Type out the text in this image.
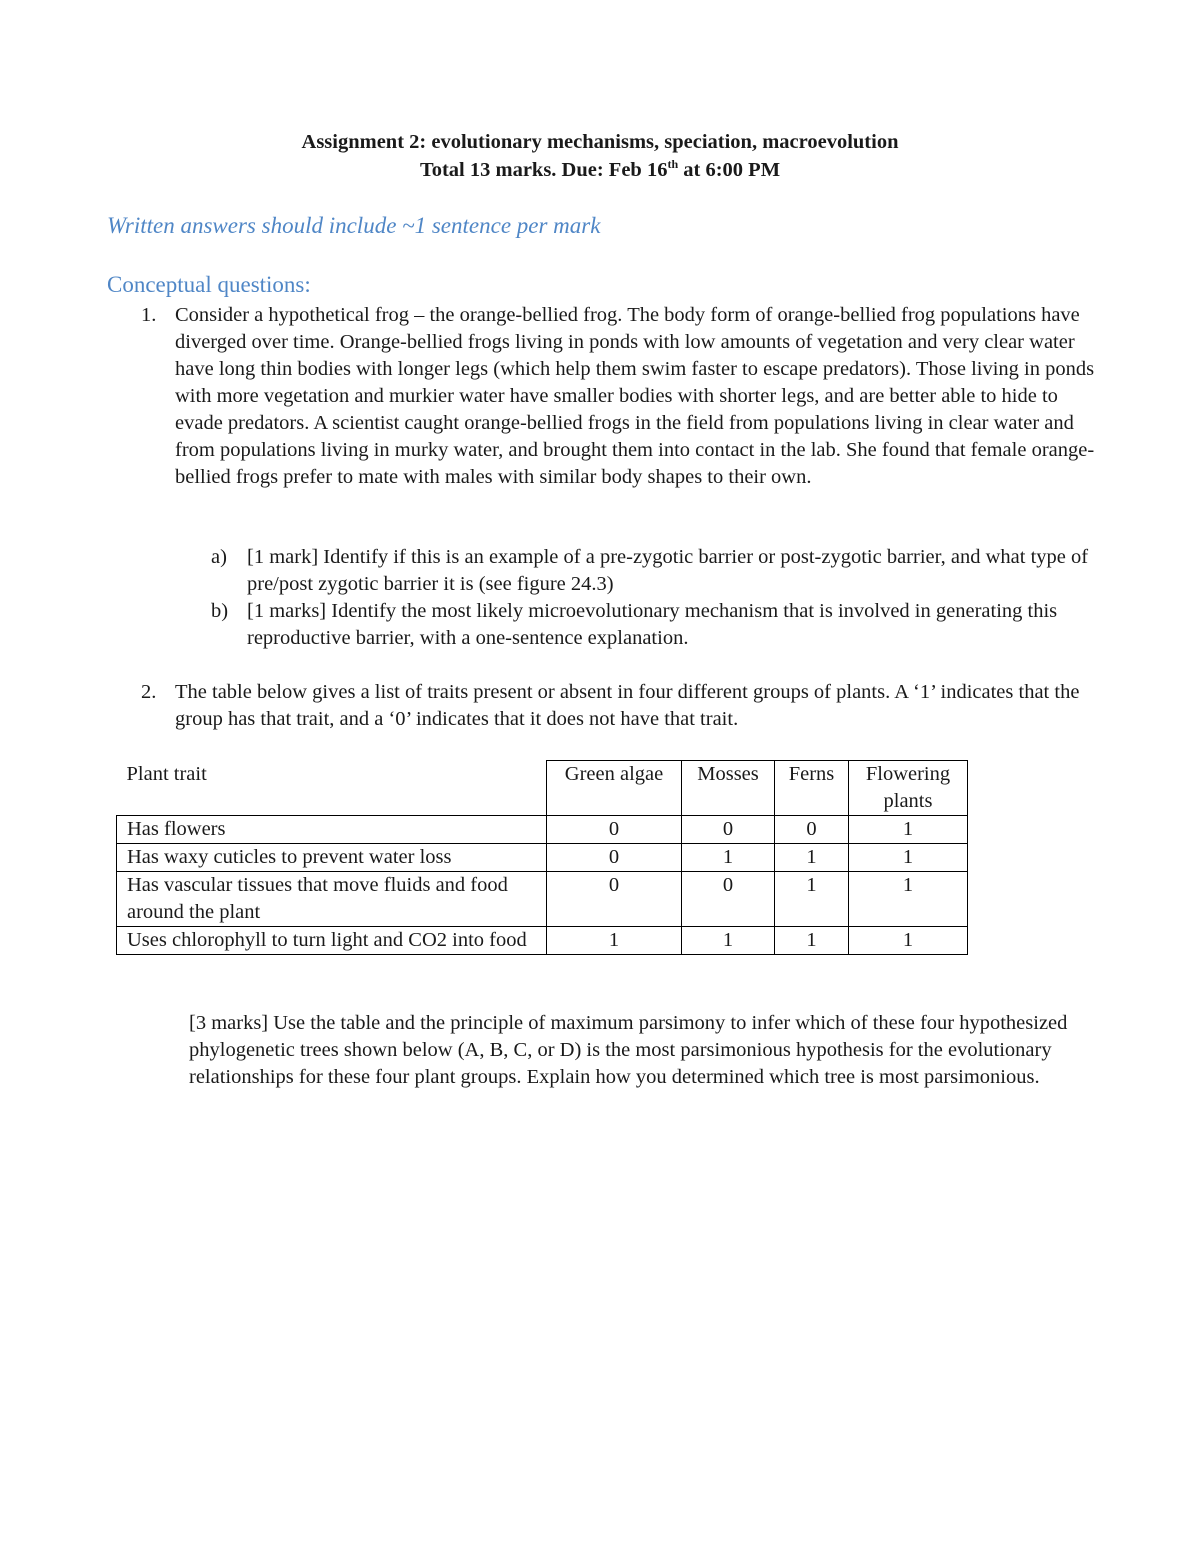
Assignment 2: evolutionary mechanisms, speciation, macroevolution
Total 13 marks. Due: Feb 16th at 6:00 PM
Written answers should include ~1 sentence per mark
Conceptual questions:
1. Consider a hypothetical frog – the orange-bellied frog. The body form of orange-bellied frog populations have diverged over time. Orange-bellied frogs living in ponds with low amounts of vegetation and very clear water have long thin bodies with longer legs (which help them swim faster to escape predators). Those living in ponds with more vegetation and murkier water have smaller bodies with shorter legs, and are better able to hide to evade predators. A scientist caught orange-bellied frogs in the field from populations living in clear water and from populations living in murky water, and brought them into contact in the lab. She found that female orange-bellied frogs prefer to mate with males with similar body shapes to their own.
a) [1 mark] Identify if this is an example of a pre-zygotic barrier or post-zygotic barrier, and what type of pre/post zygotic barrier it is (see figure 24.3)
b) [1 marks] Identify the most likely microevolutionary mechanism that is involved in generating this reproductive barrier, with a one-sentence explanation.
2. The table below gives a list of traits present or absent in four different groups of plants. A ‘1’ indicates that the group has that trait, and a ‘0’ indicates that it does not have that trait.
Plant trait	Green algae	Mosses	Ferns	Flowering plants
Has flowers	0	0	0	1
Has waxy cuticles to prevent water loss	0	1	1	1
Has vascular tissues that move fluids and food around the plant	0	0	1	1
Uses chlorophyll to turn light and CO2 into food	1	1	1	1
[3 marks] Use the table and the principle of maximum parsimony to infer which of these four hypothesized phylogenetic trees shown below (A, B, C, or D) is the most parsimonious hypothesis for the evolutionary relationships for these four plant groups. Explain how you determined which tree is most parsimonious.
